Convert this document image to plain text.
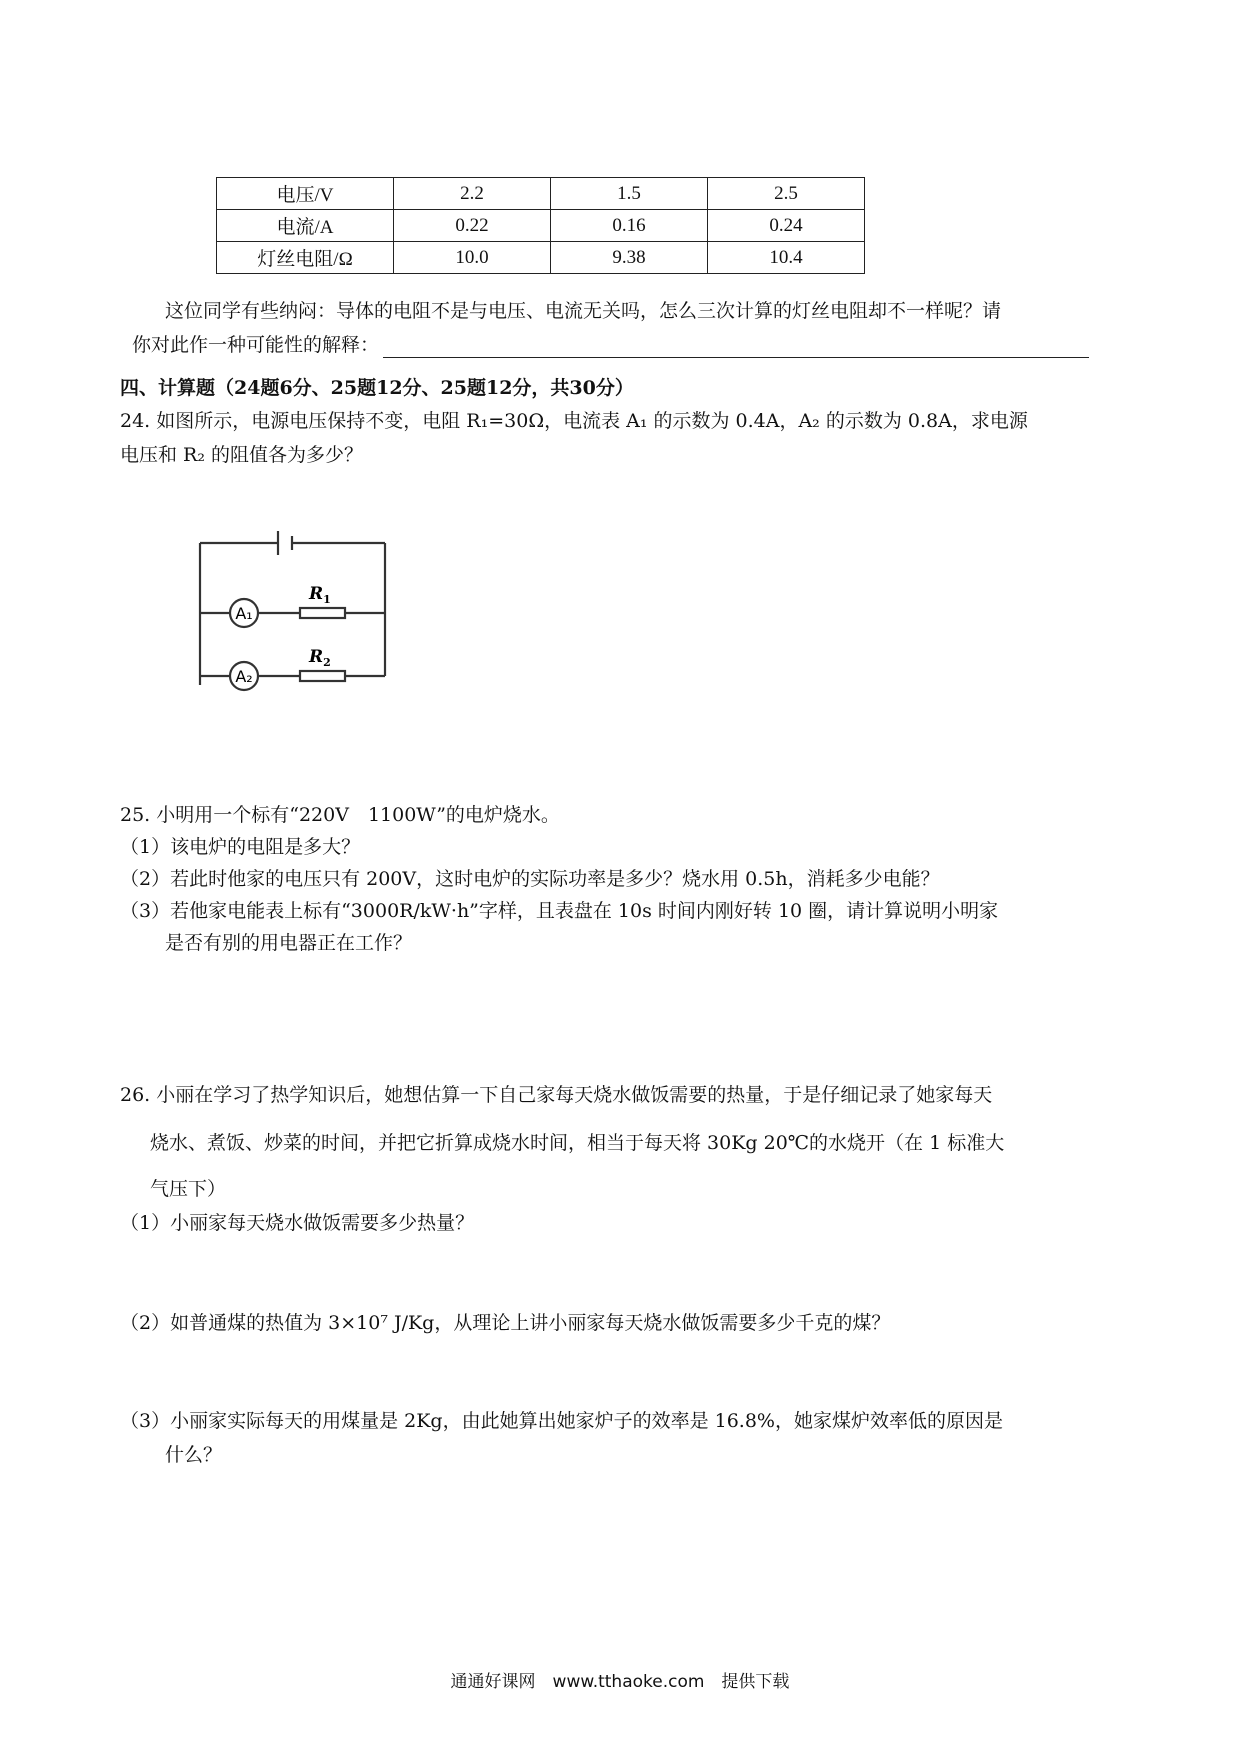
电压/V	2.2	1.5	2.5
电流/A	0.22	0.16	0.24
灯丝电阻/Ω	10.0	9.38	10.4
这位同学有些纳闷：导体的电阻不是与电压、电流无关吗，怎么三次计算的灯丝电阻却不一样呢？请
你对此作一种可能性的解释：
四、计算题（24题6分、25题12分、25题12分，共30分）
24. 如图所示，电源电压保持不变，电阻 R₁=30Ω，电流表 A₁ 的示数为 0.4A，A₂ 的示数为 0.8A，求电源
电压和 R₂ 的阻值各为多少？
A₁
A₂
$R_1$
$R_2$
25. 小明用一个标有“220V　1100W”的电炉烧水。
（1）该电炉的电阻是多大？
（2）若此时他家的电压只有 200V，这时电炉的实际功率是多少？烧水用 0.5h，消耗多少电能？
（3）若他家电能表上标有“3000R/kW·h”字样，且表盘在 10s 时间内刚好转 10 圈，请计算说明小明家
是否有别的用电器正在工作？
26. 小丽在学习了热学知识后，她想估算一下自己家每天烧水做饭需要的热量，于是仔细记录了她家每天
烧水、煮饭、炒菜的时间，并把它折算成烧水时间，相当于每天将 30Kg 20℃的水烧开（在 1 标准大
气压下）
（1）小丽家每天烧水做饭需要多少热量？
（2）如普通煤的热值为 3×10⁷ J/Kg，从理论上讲小丽家每天烧水做饭需要多少千克的煤？
（3）小丽家实际每天的用煤量是 2Kg，由此她算出她家炉子的效率是 16.8%，她家煤炉效率低的原因是
什么？
通通好课网　www.tthaoke.com　提供下载
